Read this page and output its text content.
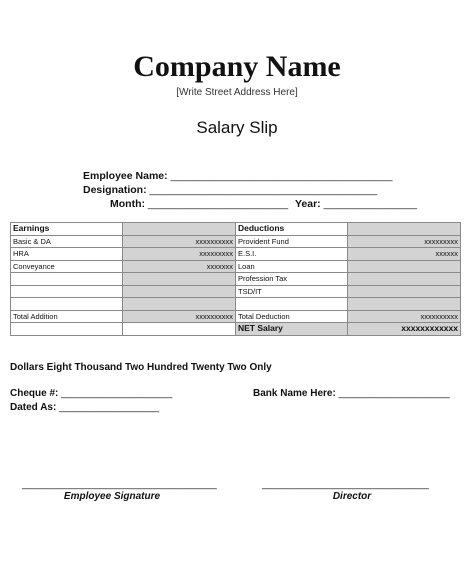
Company Name
[Write Street Address Here]
Salary Slip
Employee Name: ______________________________________
Designation: _______________________________________
Month: ________________________ Year: ________________
Earnings		Deductions	
Basic & DA	xxxxxxxxxx	Provident Fund	xxxxxxxxx
HRA	xxxxxxxxx	E.S.I.	xxxxxx
Conveyance	xxxxxxx	Loan	
		Profession Tax	
		TSD/IT	

Total Addition	xxxxxxxxxx	Total Deduction	xxxxxxxxxx
		NET Salary	xxxxxxxxxxxx
Dollars Eight Thousand Two Hundred Twenty Two Only
Cheque #: ____________________
Dated As: __________________
Bank Name Here: ____________________
___________________________________
Employee Signature
______________________________
Director
